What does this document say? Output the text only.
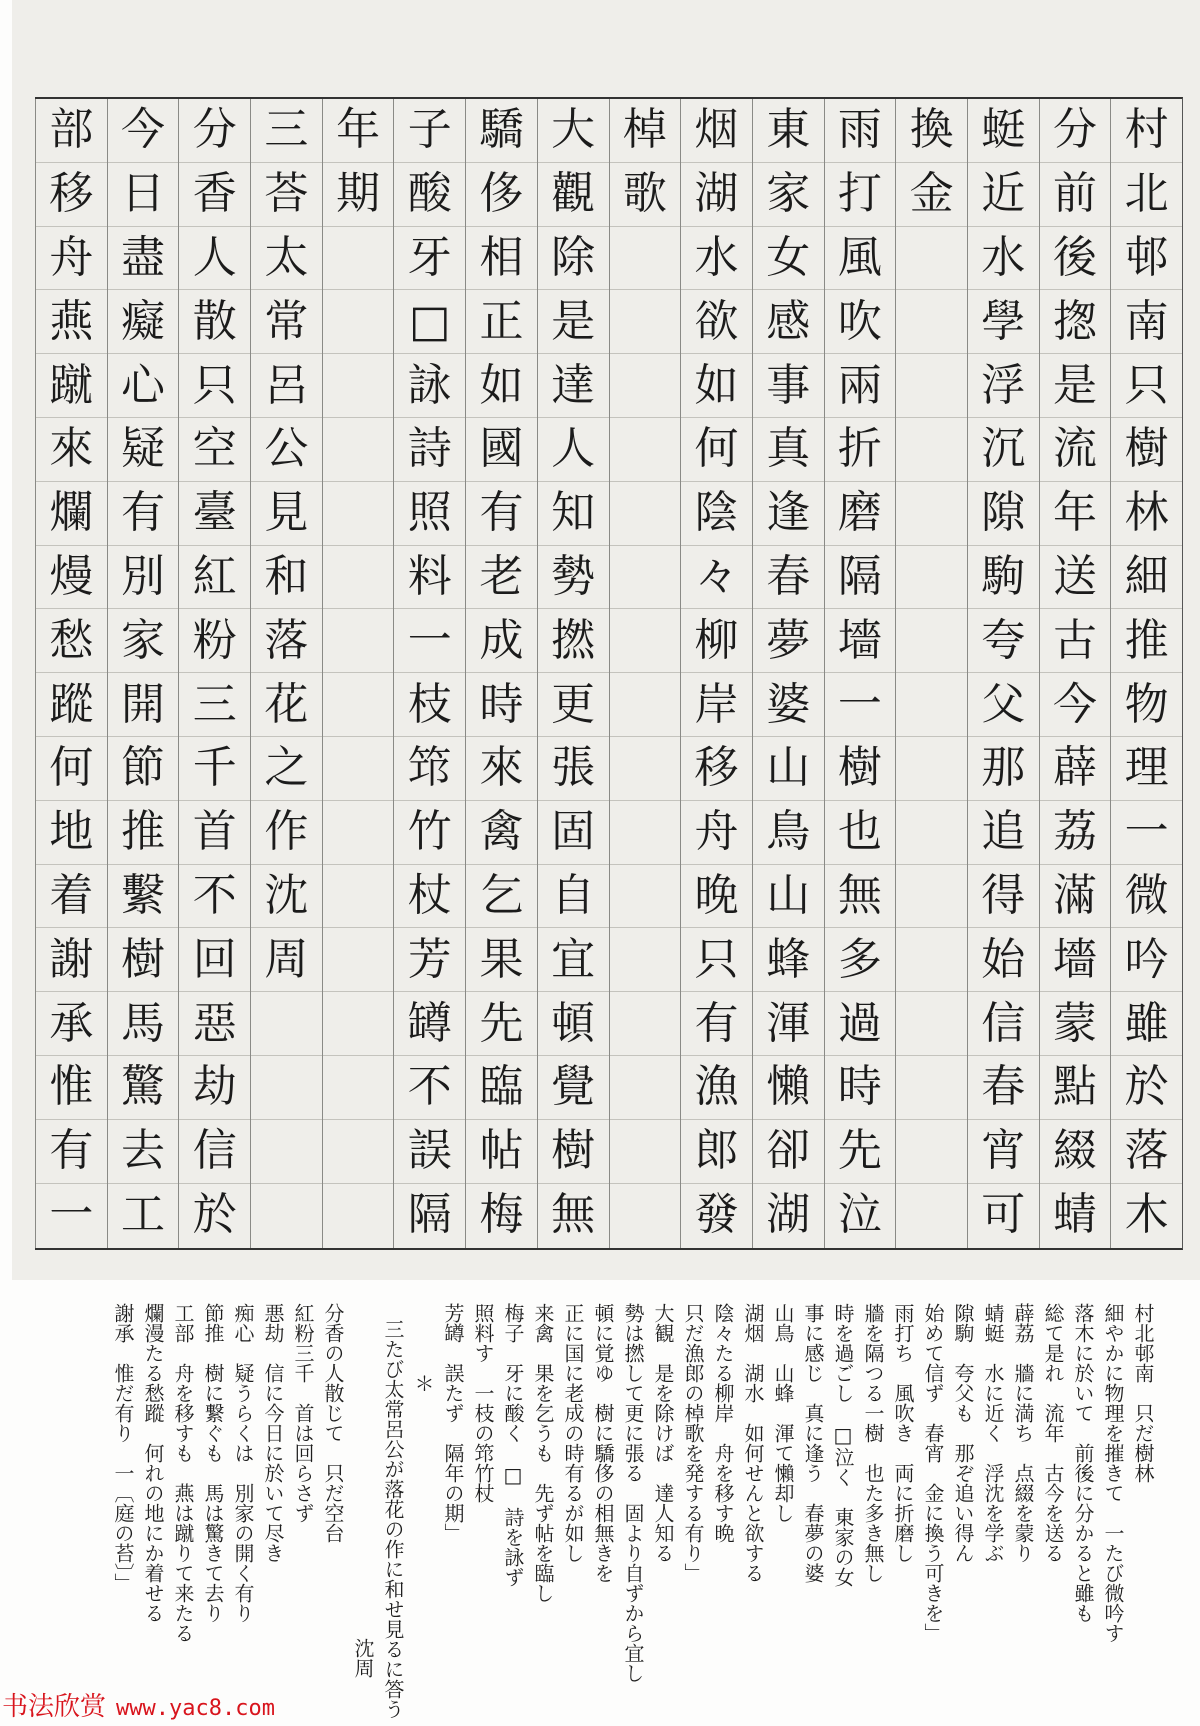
村
北
邨
南
只
樹
林
細
推
物
理
一
微
吟
雖
於
落
木
分
前
後
揔
是
流
年
送
古
今
薜
荔
滿
墻
蒙
點
綴
蜻
蜓
近
水
學
浮
沉
隙
駒
夸
父
那
追
得
始
信
春
宵
可
換
金
雨
打
風
吹
兩
折
磨
隔
墻
一
樹
也
無
多
過
時
先
泣
東
家
女
感
事
真
逢
春
夢
婆
山
鳥
山
蜂
渾
懶
卻
湖
烟
湖
水
欲
如
何
陰
々
柳
岸
移
舟
晚
只
有
漁
郎
發
棹
歌
大
觀
除
是
達
人
知
勢
撚
更
張
固
自
宜
頓
覺
樹
無
驕
侈
相
正
如
國
有
老
成
時
來
禽
乞
果
先
臨
帖
梅
子
酸
牙
□
詠
詩
照
料
一
枝
筇
竹
杖
芳
罇
不
誤
隔
年
期
三
荅
太
常
呂
公
見
和
落
花
之
作
沈
周
分
香
人
散
只
空
臺
紅
粉
三
千
首
不
回
惡
劫
信
於
今
日
盡
癡
心
疑
有
別
家
開
節
推
繫
樹
馬
驚
去
工
部
移
舟
燕
蹴
來
爛
熳
愁
蹤
何
地
着
謝
承
惟
有
一
村北邨南　只だ樹林
細やかに物理を摧きて　一たび微吟す
落木に於いて　前後に分かると雖も
総て是れ　流年　古今を送る
薜荔　牆に満ち　点綴を蒙り
蜻蜓　水に近く　浮沈を学ぶ
隙駒　夸父も　那ぞ追い得ん
始めて信ず　春宵　金に換う可きを」
雨打ち　風吹き　両に折磨し
牆を隔つる一樹　也た多き無し
時を過ごし　□泣く　東家の女
事に感じ　真に逢う　春夢の婆
山鳥　山蜂　渾て懶却し
湖烟　湖水　如何せんと欲する
陰々たる柳岸　舟を移す晩
只だ漁郎の棹歌を発する有り」
大観　是を除けば　達人知る
勢は撚して更に張る　固より自ずから宜し
頓に覚ゆ　樹に驕侈の相無きを
正に国に老成の時有るが如し
来禽　果を乞うも　先ず帖を臨し
梅子　牙に酸く　□　詩を詠ず
照料す　一枝の筇竹杖
芳罇　誤たず　隔年の期」
＊
三たび太常呂公が落花の作に和せ見るに答う
沈周
分香の人散じて　只だ空台
紅粉三千　首は回らさず
悪劫　信に今日に於いて尽き
痴心　疑うらくは　別家の開く有り
節推　樹に繋ぐも　馬は驚きて去り
工部　舟を移すも　燕は蹴りて来たる
爛漫たる愁蹤　何れの地にか着せる
謝承　惟だ有り　一〔庭の苔〕」
书法欣赏 www.yac8.com
